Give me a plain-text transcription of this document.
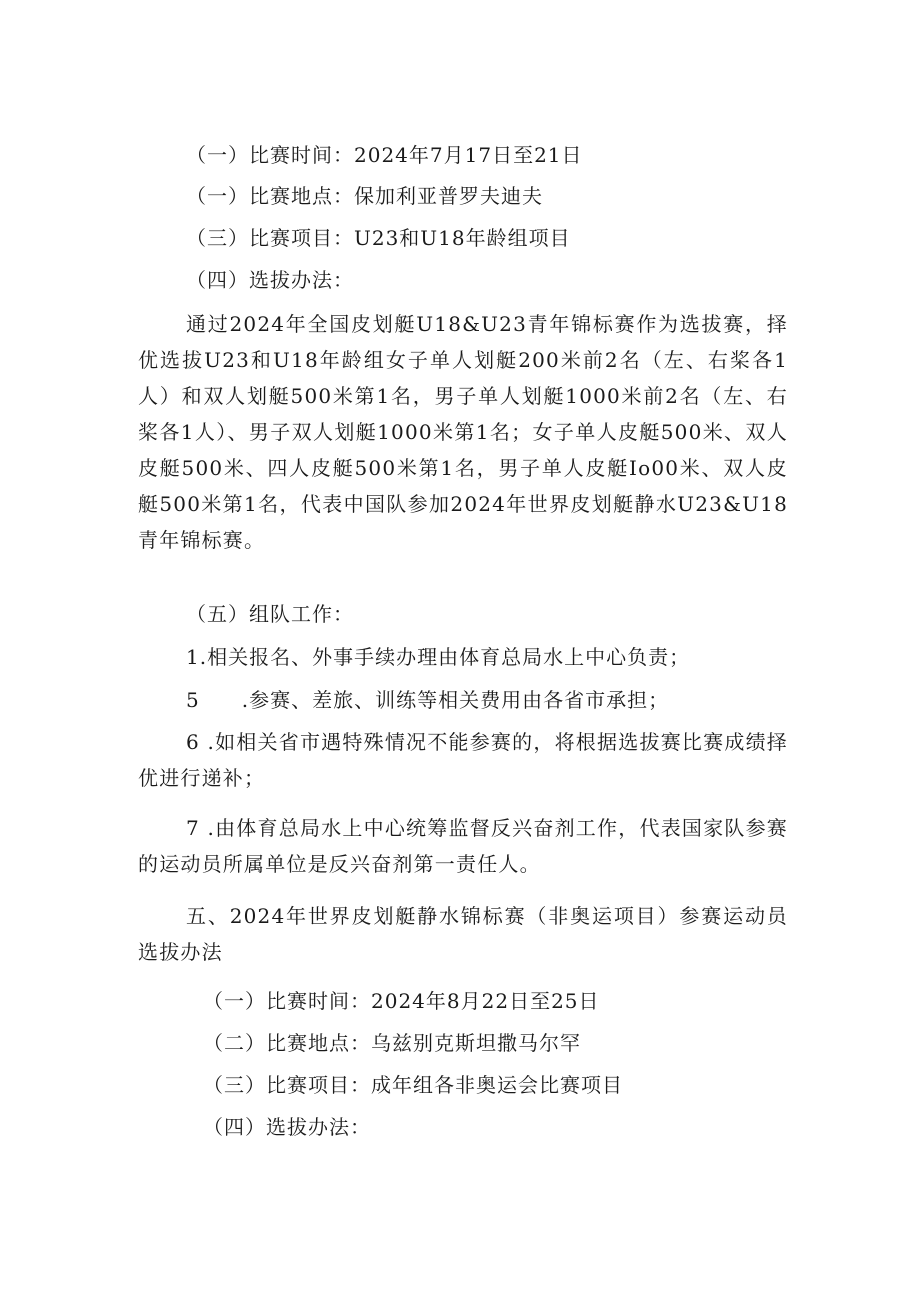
（一）比赛时间：2024年7月17日至21日
（一）比赛地点：保加利亚普罗夫迪夫
（三）比赛项目：U23和U18年龄组项目
（四）选拔办法：
通过2024年全国皮划艇U18&U23青年锦标赛作为选拔赛，择优选拔U23和U18年龄组女子单人划艇200米前2名（左、右桨各1人）和双人划艇500米第1名，男子单人划艇1000米前2名（左、右桨各1人）、男子双人划艇1000米第1名；女子单人皮艇500米、双人皮艇500米、四人皮艇500米第1名，男子单人皮艇Io00米、双人皮艇500米第1名，代表中国队参加2024年世界皮划艇静水U23&U18青年锦标赛。
（五）组队工作：
1.相关报名、外事手续办理由体育总局水上中心负责；
5　　.参赛、差旅、训练等相关费用由各省市承担；
6 .如相关省市遇特殊情况不能参赛的，将根据选拔赛比赛成绩择优进行递补；
7 .由体育总局水上中心统筹监督反兴奋剂工作，代表国家队参赛的运动员所属单位是反兴奋剂第一责任人。
五、2024年世界皮划艇静水锦标赛（非奥运项目）参赛运动员选拔办法
（一）比赛时间：2024年8月22日至25日
（二）比赛地点：乌兹别克斯坦撒马尔罕
（三）比赛项目：成年组各非奥运会比赛项目
（四）选拔办法：
